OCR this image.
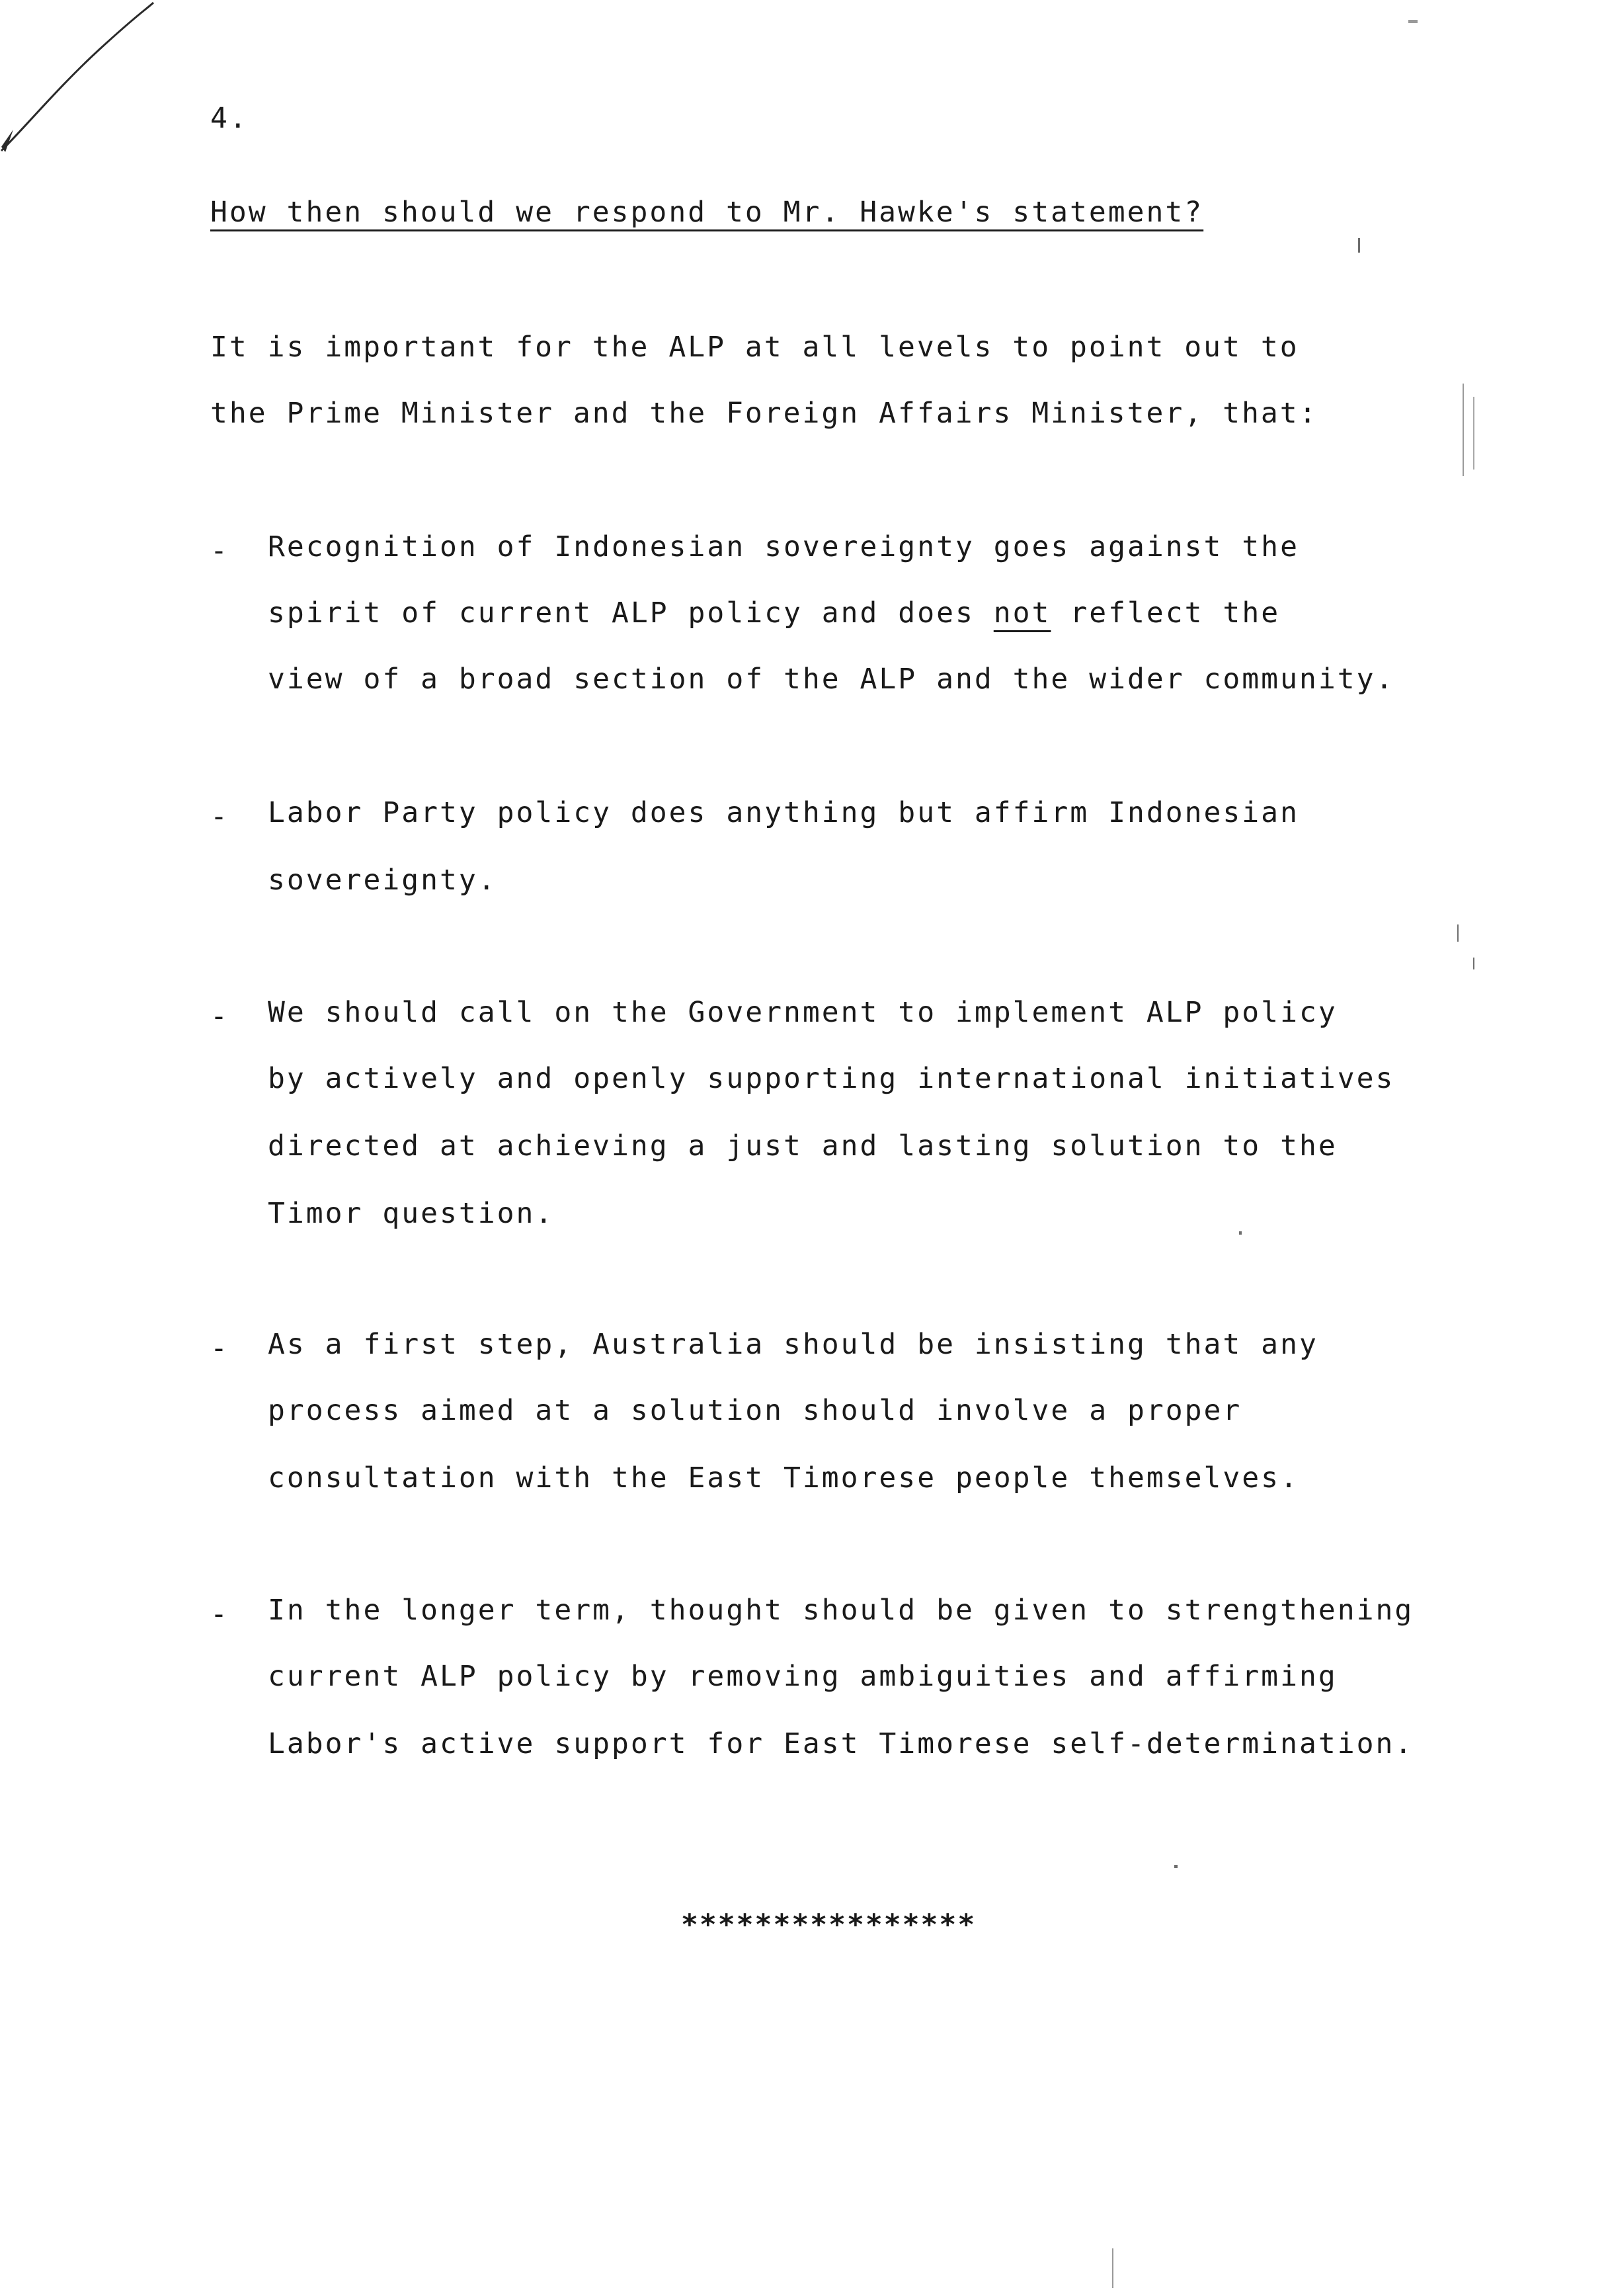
4.
How then should we respond to Mr. Hawke's statement?
It is important for the ALP at all levels to point out to
the Prime Minister and the Foreign Affairs Minister, that:
- Recognition of Indonesian sovereignty goes against the
spirit of current ALP policy and does not reflect the
view of a broad section of the ALP and the wider community.
- Labor Party policy does anything but affirm Indonesian
sovereignty.
- We should call on the Government to implement ALP policy
by actively and openly supporting international initiatives
directed at achieving a just and lasting solution to the
Timor question.
- As a first step, Australia should be insisting that any
process aimed at a solution should involve a proper
consultation with the East Timorese people themselves.
- In the longer term, thought should be given to strengthening
current ALP policy by removing ambiguities and affirming
Labor's active support for East Timorese self-determination.
****************
